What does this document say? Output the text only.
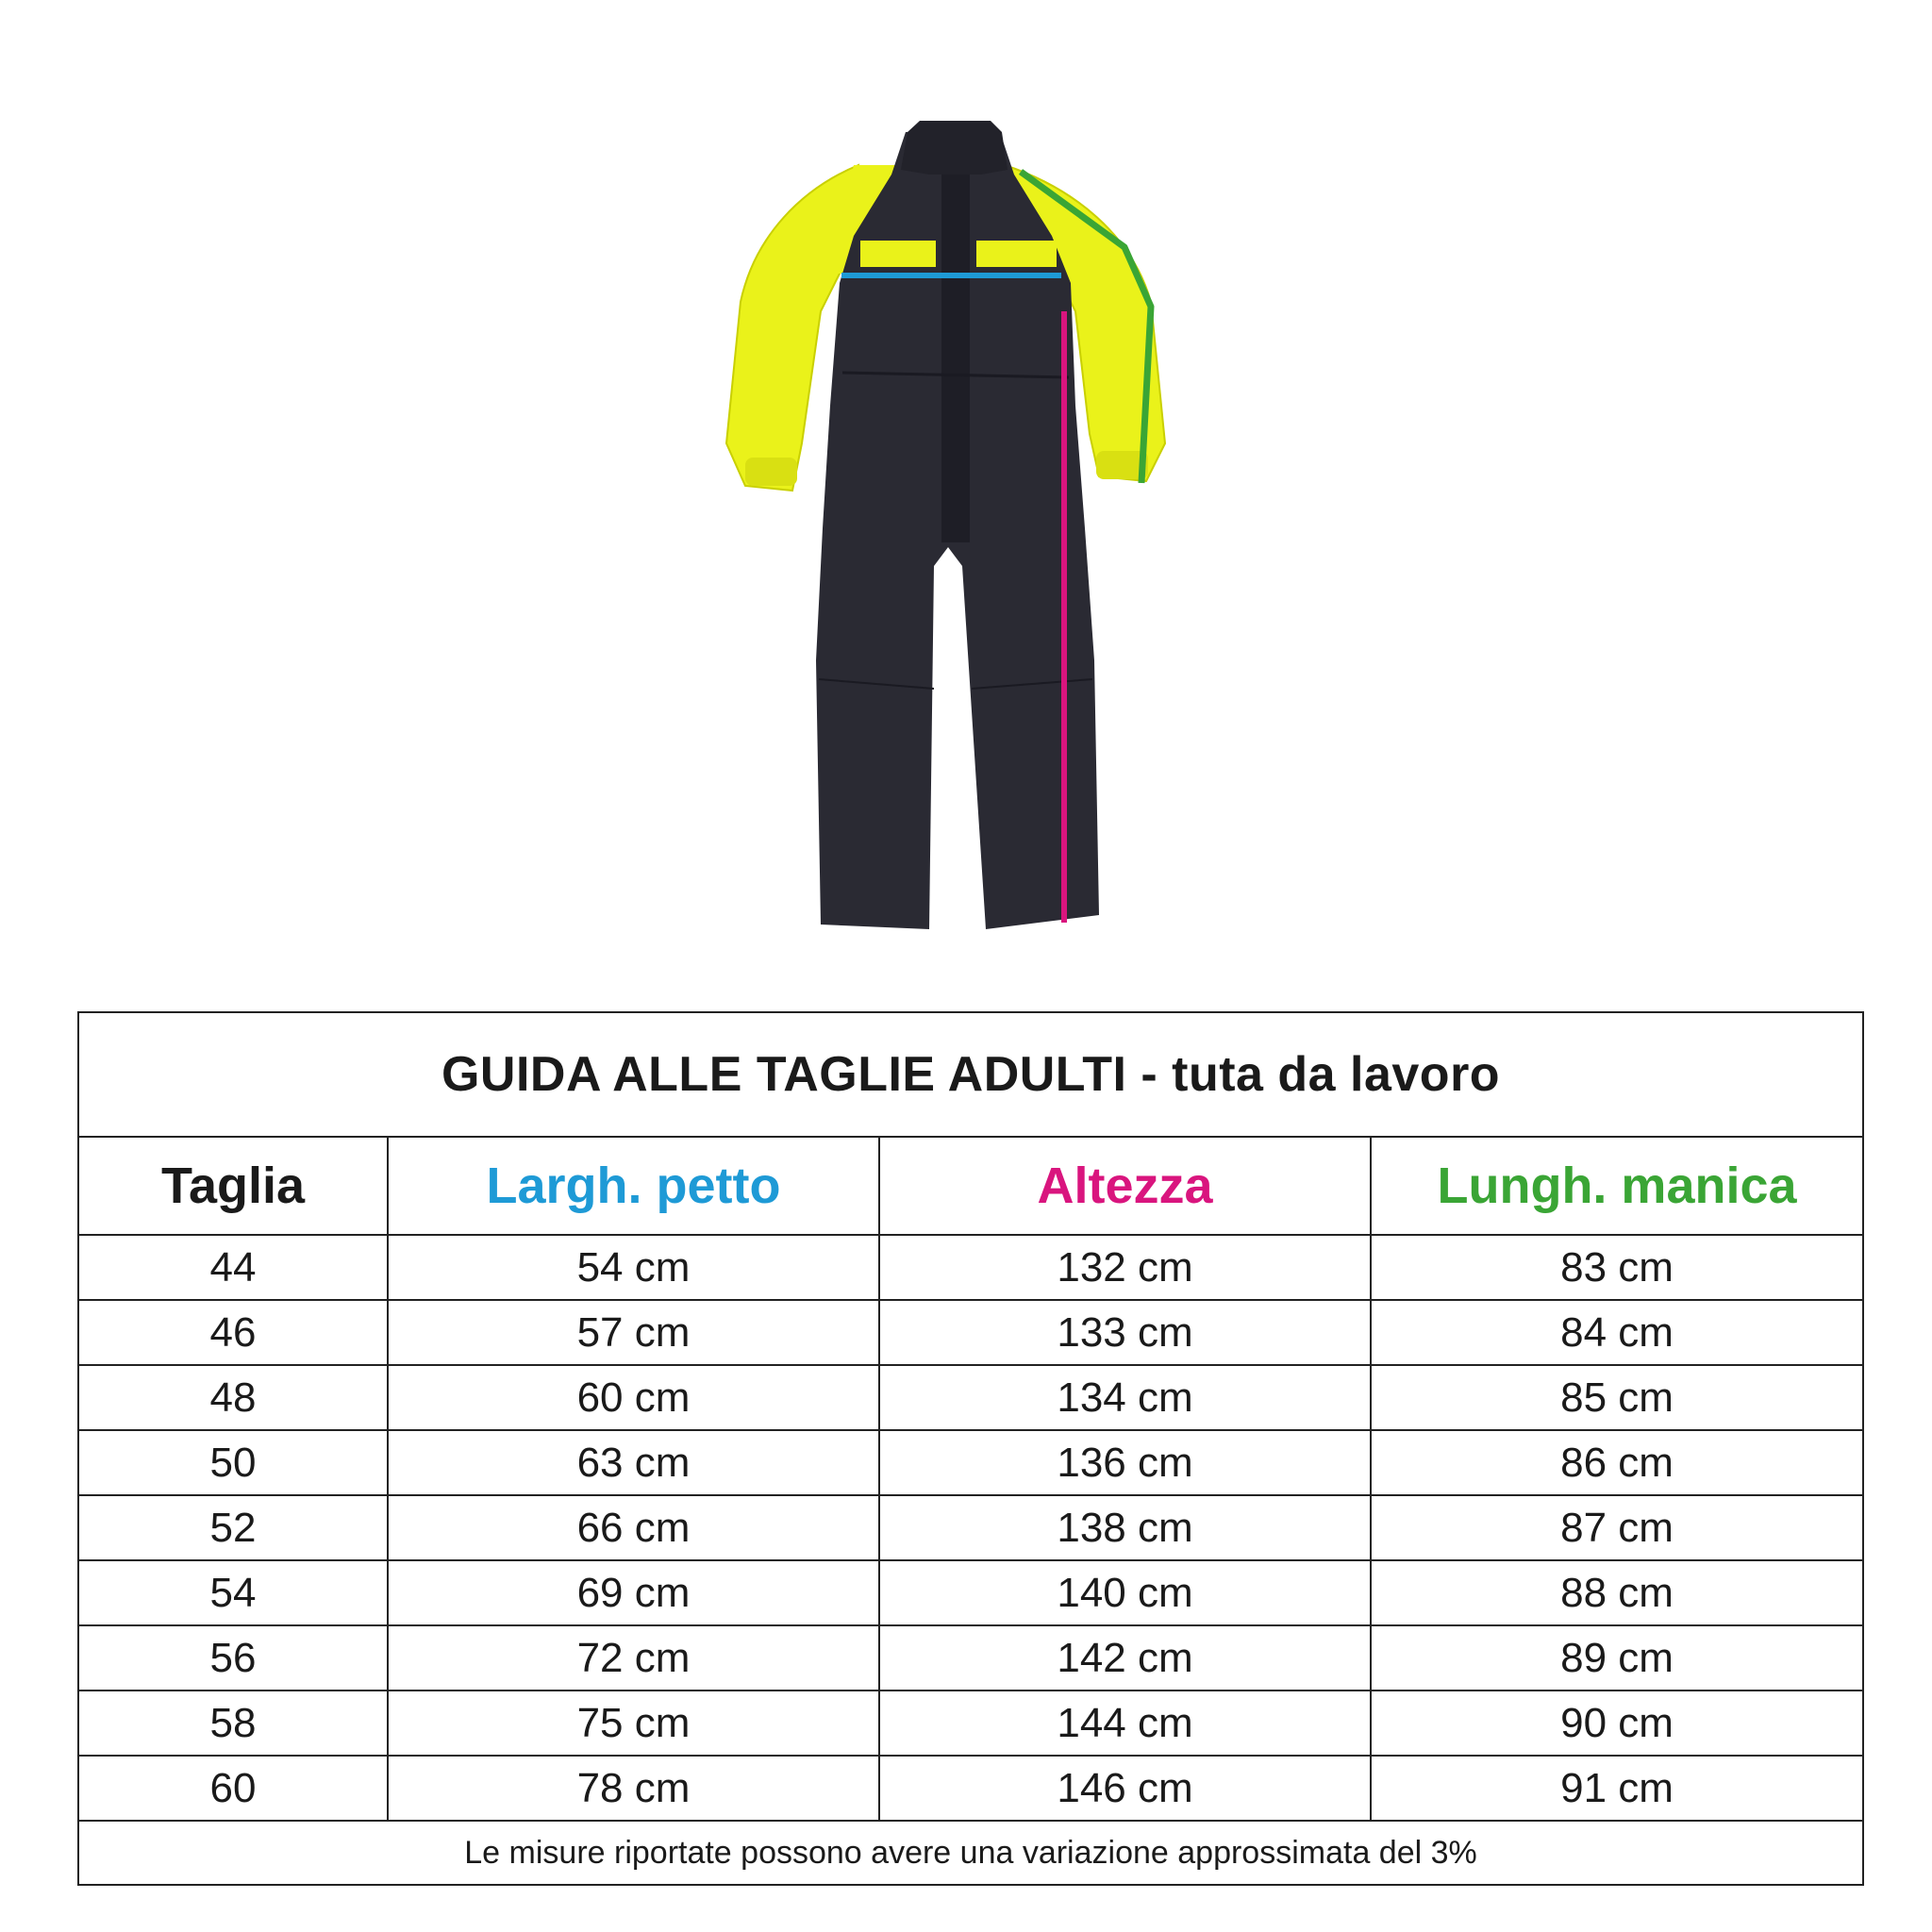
GUIDA ALLE TAGLIE ADULTI - tuta da lavoro			
Taglia	Largh. petto	Altezza	Lungh. manica
44	54 cm	132 cm	83 cm
46	57 cm	133 cm	84 cm
48	60 cm	134 cm	85 cm
50	63 cm	136 cm	86 cm
52	66 cm	138 cm	87 cm
54	69 cm	140 cm	88 cm
56	72 cm	142 cm	89 cm
58	75 cm	144 cm	90 cm
60	78 cm	146 cm	91 cm
Le misure riportate possono avere una variazione approssimata del 3%			
